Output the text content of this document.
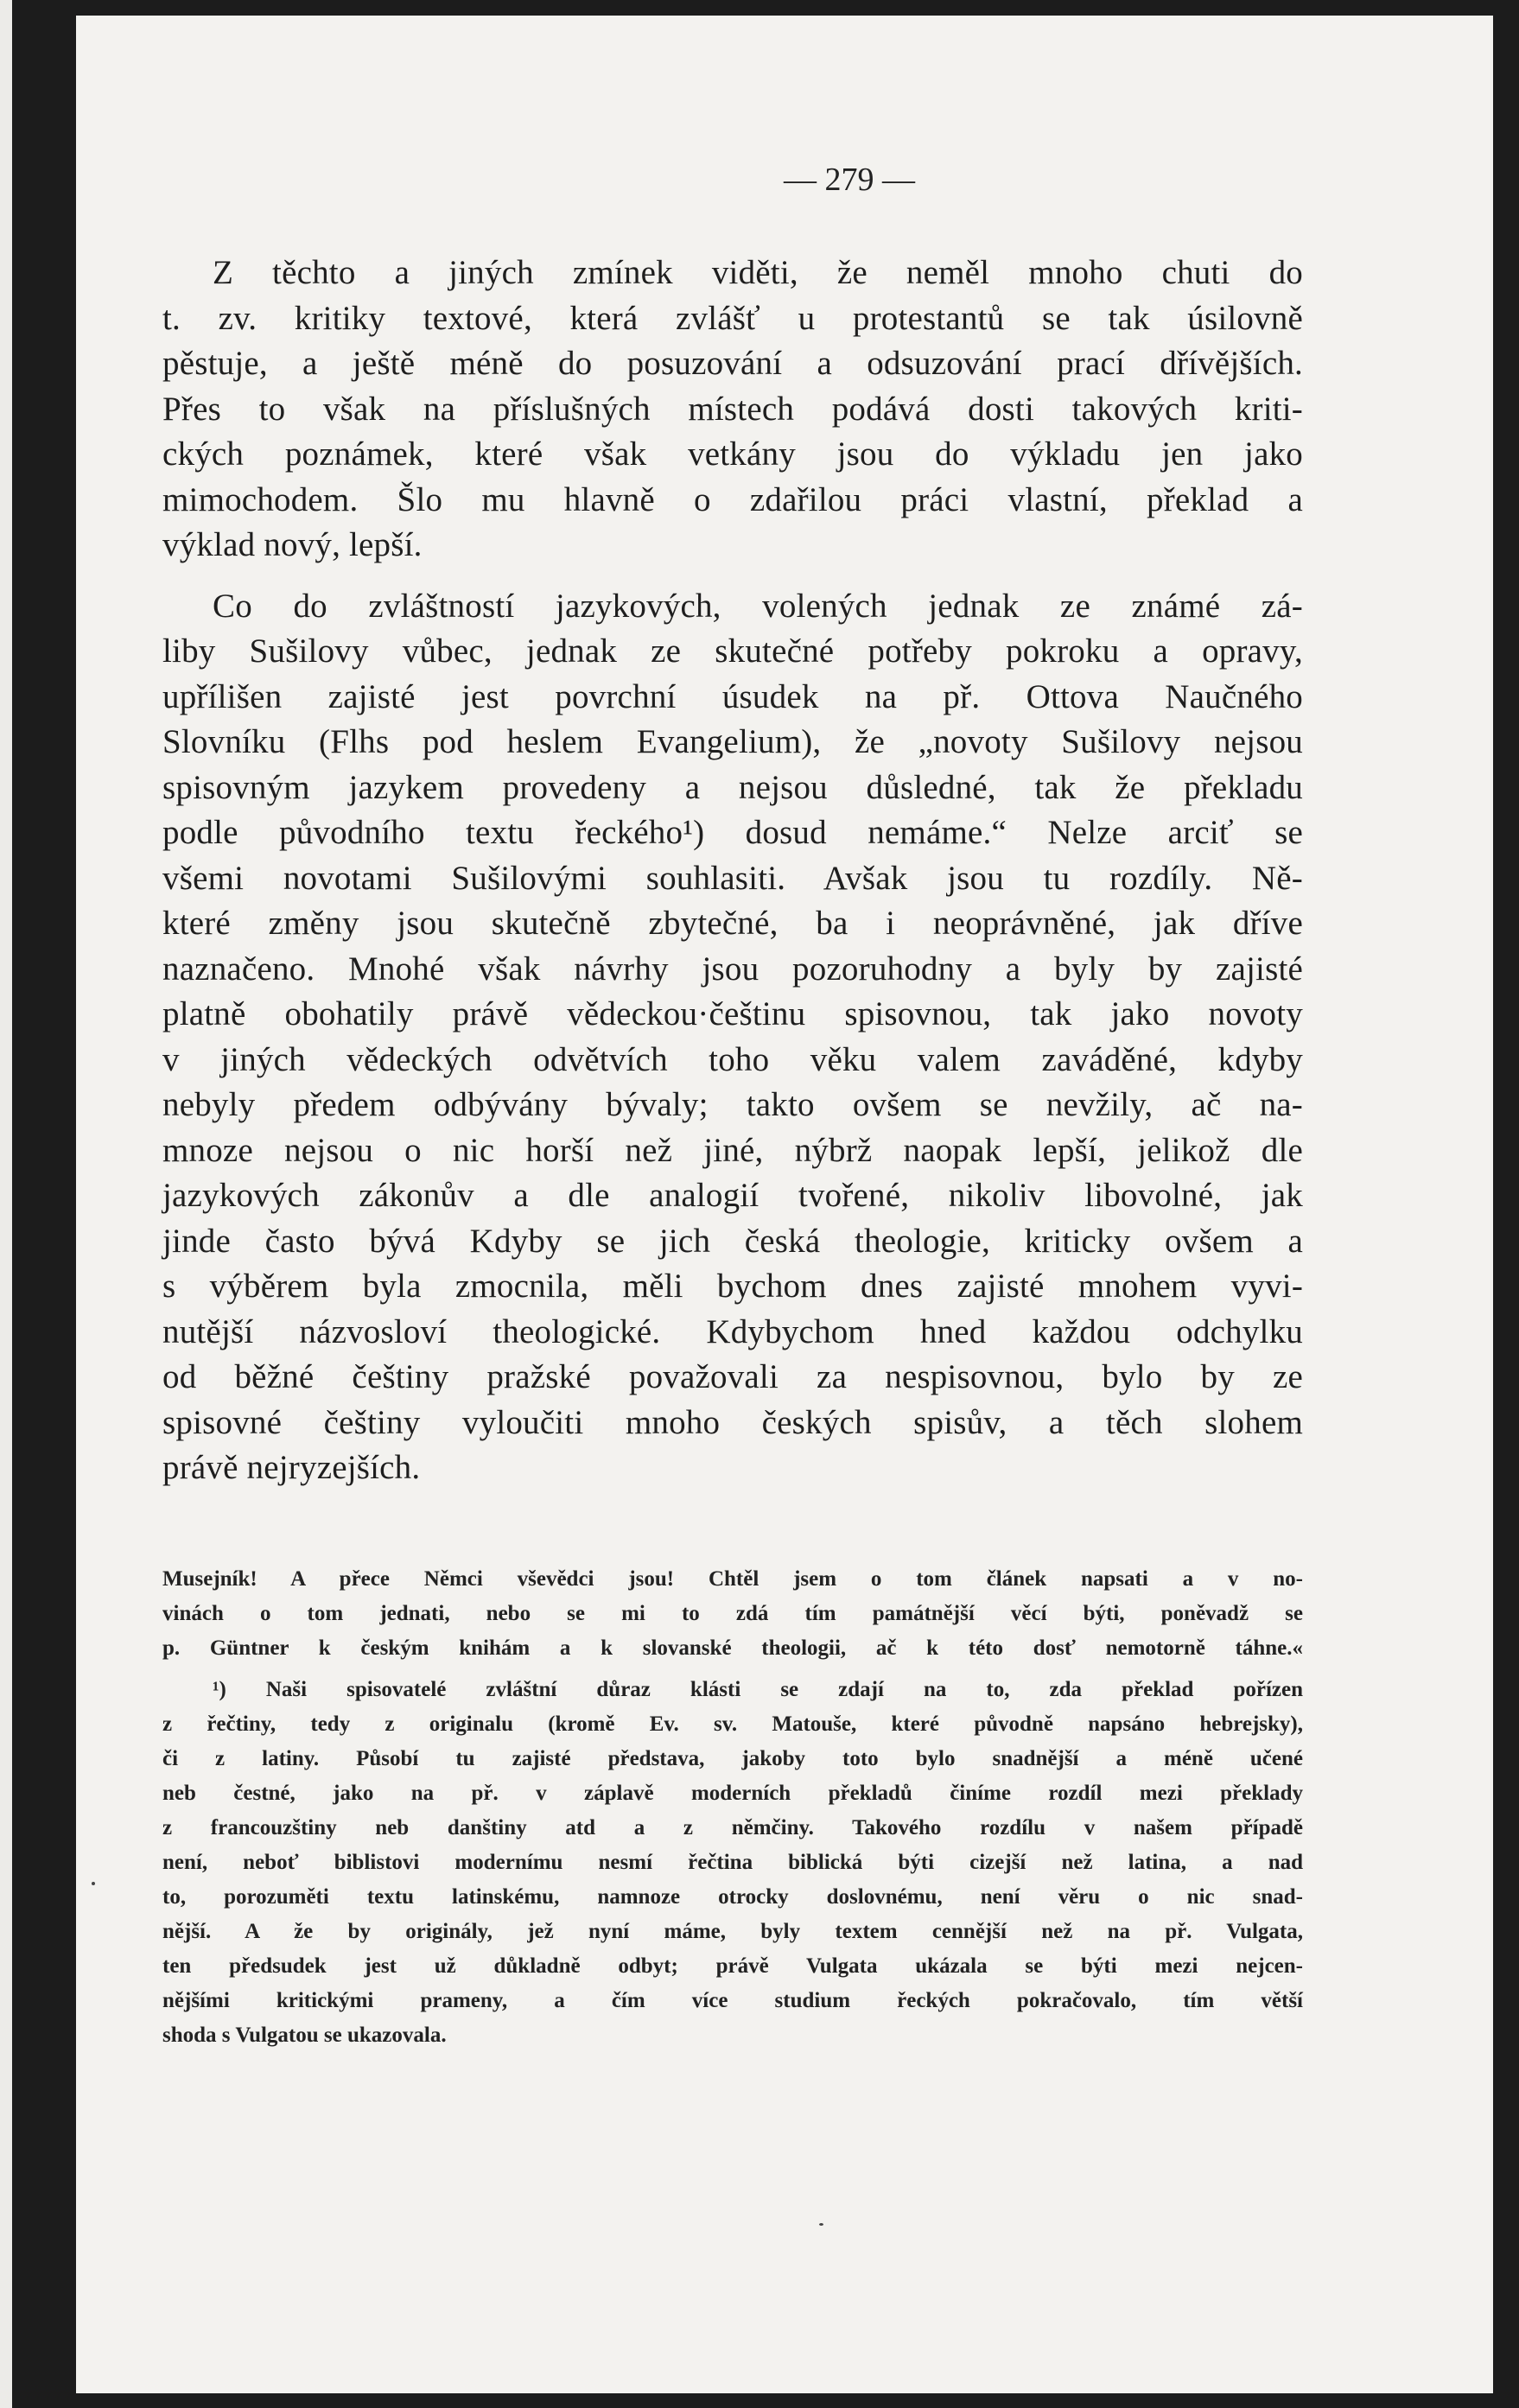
— 279 —
Z těchto a jiných zmínek viděti, že neměl mnoho chuti do
t. zv. kritiky textové, která zvlášť u protestantů se tak úsilovně
pěstuje, a ještě méně do posuzování a odsuzování prací dřívějších.
Přes to však na příslušných místech podává dosti takových kriti-
ckých poznámek, které však vetkány jsou do výkladu jen jako
mimochodem. Šlo mu hlavně o zdařilou práci vlastní, překlad a
výklad nový, lepší.
Co do zvláštností jazykových, volených jednak ze známé zá-
liby Sušilovy vůbec, jednak ze skutečné potřeby pokroku a opravy,
upřílišen zajisté jest povrchní úsudek na př. Ottova Naučného
Slovníku (Flhs pod heslem Evangelium), že „novoty Sušilovy nejsou
spisovným jazykem provedeny a nejsou důsledné, tak že překladu
podle původního textu řeckého¹) dosud nemáme.“ Nelze arciť se
všemi novotami Sušilovými souhlasiti. Avšak jsou tu rozdíly. Ně-
které změny jsou skutečně zbytečné, ba i neoprávněné, jak dříve
naznačeno. Mnohé však návrhy jsou pozoruhodny a byly by zajisté
platně obohatily právě vědeckou·češtinu spisovnou, tak jako novoty
v jiných vědeckých odvětvích toho věku valem zaváděné, kdyby
nebyly předem odbývány bývaly; takto ovšem se nevžily, ač na-
mnoze nejsou o nic horší než jiné, nýbrž naopak lepší, jelikož dle
jazykových zákonův a dle analogií tvořené, nikoliv libovolné, jak
jinde často bývá Kdyby se jich česká theologie, kriticky ovšem a
s výběrem byla zmocnila, měli bychom dnes zajisté mnohem vyvi-
nutější názvosloví theologické. Kdybychom hned každou odchylku
od běžné češtiny pražské považovali za nespisovnou, bylo by ze
spisovné češtiny vyloučiti mnoho českých spisův, a těch slohem
právě nejryzejších.
Musejník! A přece Němci vševědci jsou! Chtěl jsem o tom článek napsati a v no-
vinách o tom jednati, nebo se mi to zdá tím památnější věcí býti, poněvadž se
p. Güntner k českým knihám a k slovanské theologii, ač k této dosť nemotorně táhne.«
¹) Naši spisovatelé zvláštní důraz klásti se zdají na to, zda překlad pořízen
z řečtiny, tedy z originalu (kromě Ev. sv. Matouše, které původně napsáno hebrejsky),
či z latiny. Působí tu zajisté představa, jakoby toto bylo snadnější a méně učené
neb čestné, jako na př. v záplavě moderních překladů činíme rozdíl mezi překlady
z francouzštiny neb danštiny atd a z němčiny. Takového rozdílu v našem případě
není, neboť biblistovi modernímu nesmí řečtina biblická býti cizejší než latina, a nad
to, porozuměti textu latinskému, namnoze otrocky doslovnému, není věru o nic snad-
nější. A že by originály, jež nyní máme, byly textem cennější než na př. Vulgata,
ten předsudek jest už důkladně odbyt; právě Vulgata ukázala se býti mezi nejcen-
nějšími kritickými prameny, a čím více studium řeckých pokračovalo, tím větší
shoda s Vulgatou se ukazovala.
